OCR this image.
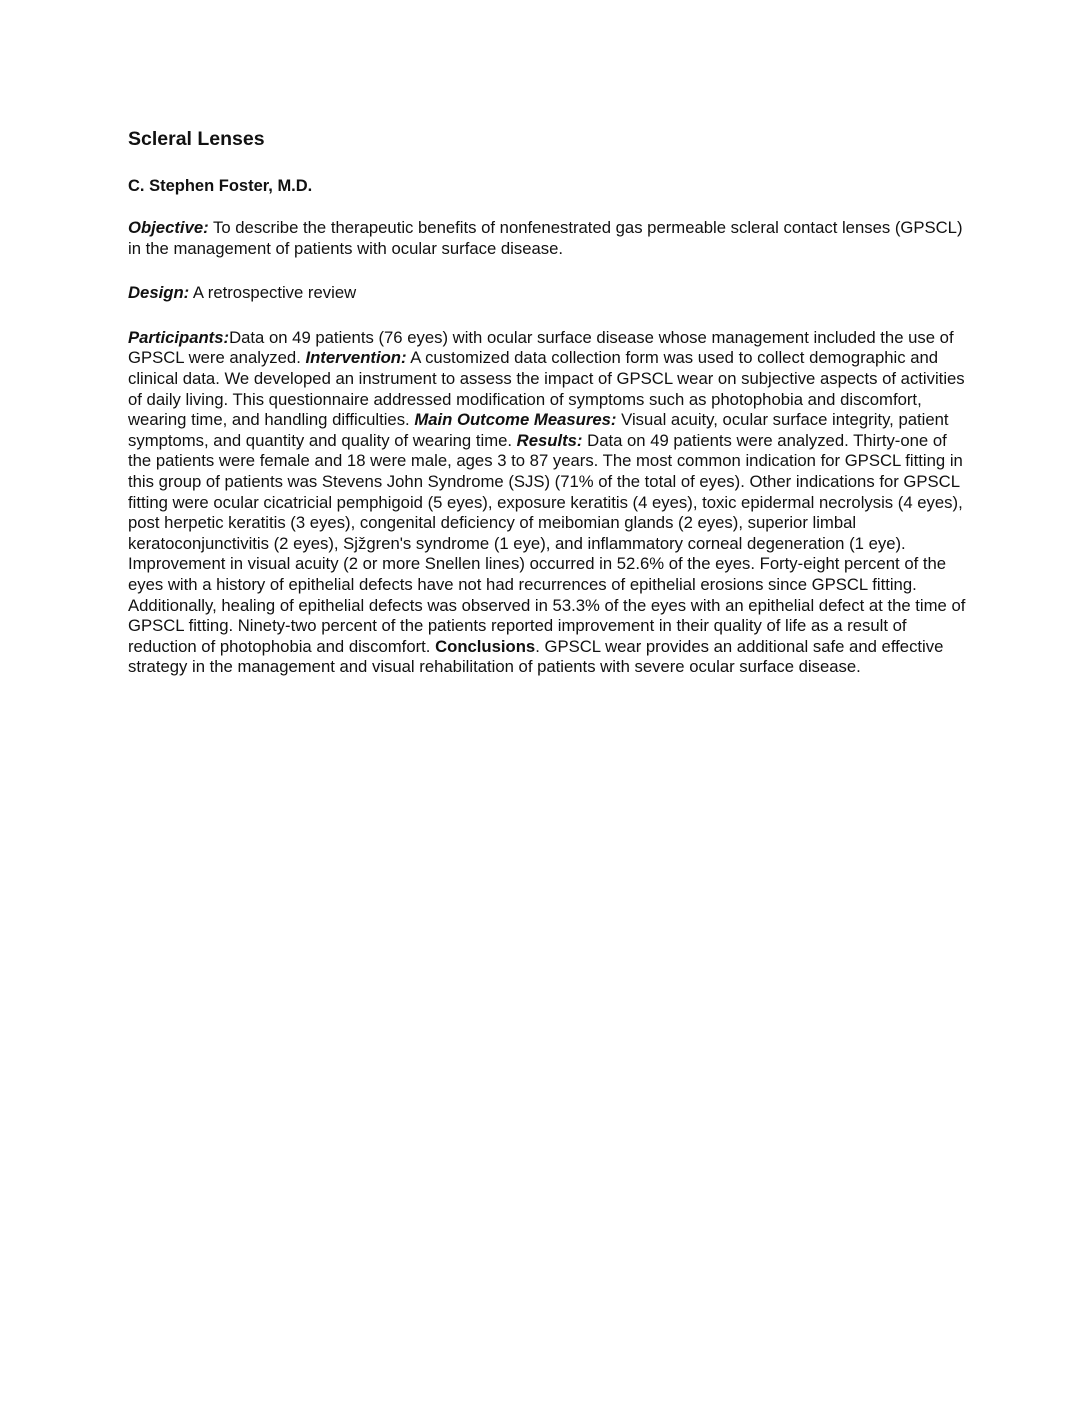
Scleral Lenses
C. Stephen Foster, M.D.

Objective: To describe the therapeutic benefits of nonfenestrated gas permeable scleral contact lenses (GPSCL) in the management of patients with ocular surface disease.

Design: A retrospective review

Participants:Data on 49 patients (76 eyes) with ocular surface disease whose management included the use of GPSCL were analyzed. Intervention: A customized data collection form was used to collect demographic and clinical data. We developed an instrument to assess the impact of GPSCL wear on subjective aspects of activities of daily living. This questionnaire addressed modification of symptoms such as photophobia and discomfort, wearing time, and handling difficulties. Main Outcome Measures: Visual acuity, ocular surface integrity, patient symptoms, and quantity and quality of wearing time. Results: Data on 49 patients were analyzed. Thirty-one of the patients were female and 18 were male, ages 3 to 87 years. The most common indication for GPSCL fitting in this group of patients was Stevens John Syndrome (SJS) (71% of the total of eyes). Other indications for GPSCL fitting were ocular cicatricial pemphigoid (5 eyes), exposure keratitis (4 eyes), toxic epidermal necrolysis (4 eyes), post herpetic keratitis (3 eyes), congenital deficiency of meibomian glands (2 eyes), superior limbal keratoconjunctivitis (2 eyes), Sjžgren's syndrome (1 eye), and inflammatory corneal degeneration (1 eye). Improvement in visual acuity (2 or more Snellen lines) occurred in 52.6% of the eyes. Forty-eight percent of the eyes with a history of epithelial defects have not had recurrences of epithelial erosions since GPSCL fitting. Additionally, healing of epithelial defects was observed in 53.3% of the eyes with an epithelial defect at the time of GPSCL fitting. Ninety-two percent of the patients reported improvement in their quality of life as a result of reduction of photophobia and discomfort. Conclusions. GPSCL wear provides an additional safe and effective strategy in the management and visual rehabilitation of patients with severe ocular surface disease.
